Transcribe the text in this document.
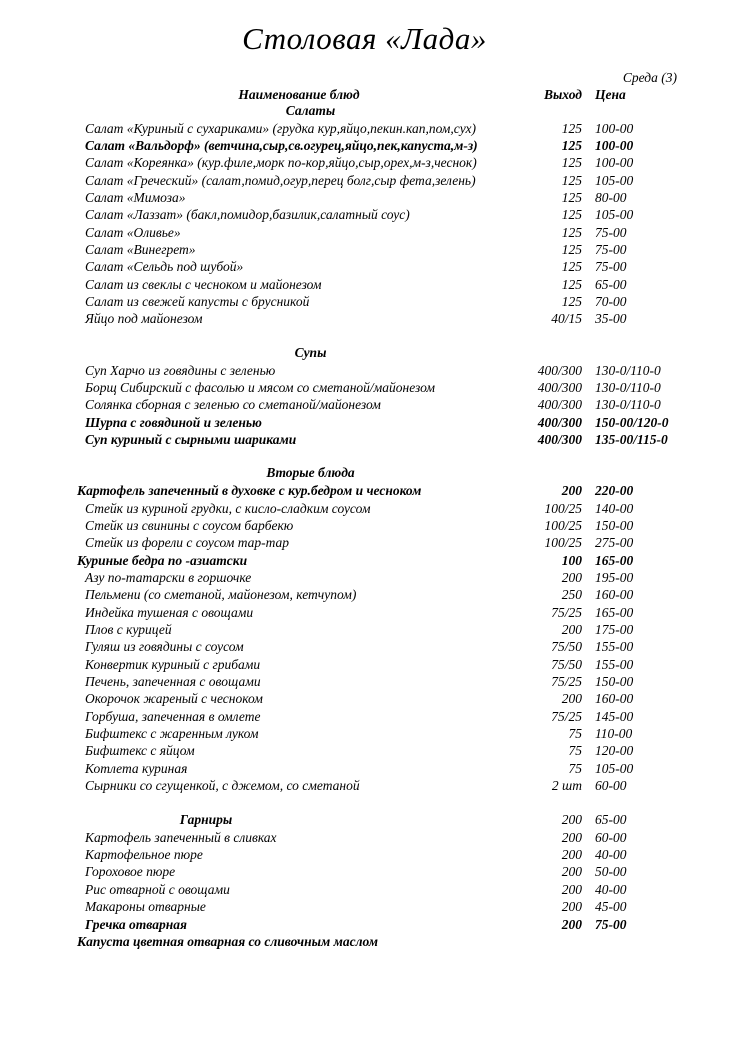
Столовая «Лада»
Среда (3)
Наименование блюд	Выход Цена
Салаты
Салат «Куриный с сухариками» (грудка кур,яйцо,пекин.кап,пом,сух)	125 100-00
Салат «Вальдорф» (ветчина,сыр,св.огурец,яйцо,пек,капуста,м-з)	125 100-00
Салат «Кореянка» (кур.филе,морк по-кор,яйцо,сыр,орех,м-з,чеснок)	125 100-00
Салат «Греческий» (салат,помид,огур,перец болг,сыр фета,зелень)	125 105-00
Салат «Мимоза»	125 80-00
Салат «Лаззат» (бакл,помидор,базилик,салатный соус)	125 105-00
Салат «Оливье»	125 75-00
Салат «Винегрет»	125 75-00
Салат «Сельдь под шубой»	125 75-00
Салат из свеклы с чесноком и майонезом	125 65-00
Салат из свежей капусты с брусникой	125 70-00
Яйцо под майонезом	40/15 35-00
Супы
Суп Харчо из говядины с зеленью	400/300 130-0/110-0
Борщ Сибирский с фасолью и мясом со сметаной/майонезом	400/300 130-0/110-0
Солянка сборная с зеленью со сметаной/майонезом	400/300 130-0/110-0
Шурпа с говядиной и зеленью	400/300 150-00/120-0
Суп куриный с сырными шариками	400/300 135-00/115-0
Вторые блюда
Картофель запеченный в духовке с кур.бедром и чесноком	200 220-00
Стейк из куриной грудки, с кисло-сладким соусом	100/25 140-00
Стейк из свинины с соусом барбекю	100/25 150-00
Стейк из форели с соусом тар-тар	100/25 275-00
Куриные бедра по -азиатски	100 165-00
Азу по-татарски в горшочке	200 195-00
Пельмени (со сметаной, майонезом, кетчупом)	250 160-00
Индейка тушеная с овощами	75/25 165-00
Плов с курицей	200 175-00
Гуляш из говядины с соусом	75/50 155-00
Конвертик куриный с грибами	75/50 155-00
Печень, запеченная с овощами	75/25 150-00
Окорочок жареный с чесноком	200 160-00
Горбуша, запеченная в омлете	75/25 145-00
Бифштекс с жаренным луком	75 110-00
Бифштекс с яйцом	75 120-00
Котлета куриная	75 105-00
Сырники со сгущенкой, с джемом, со сметаной	2 шт 60-00
Гарниры	200 65-00
Картофель запеченный в сливках	200 60-00
Картофельное пюре	200 40-00
Гороховое пюре	200 50-00
Рис отварной с овощами	200 40-00
Макароны отварные	200 45-00
Гречка отварная	200 75-00
Капуста цветная отварная со сливочным маслом
